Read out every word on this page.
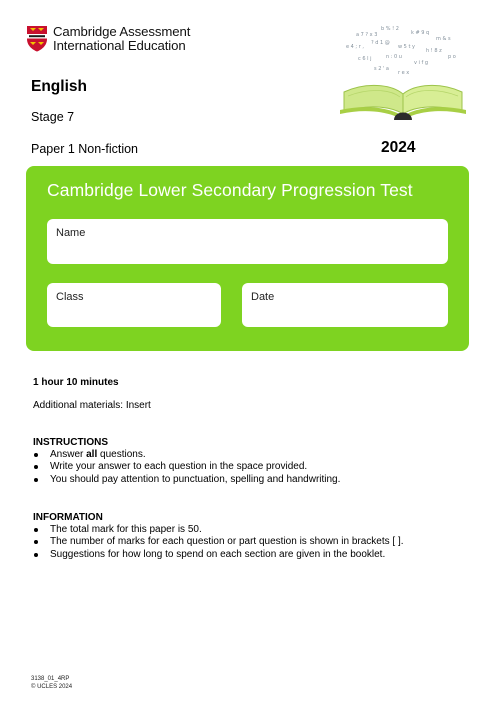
Cambridge Assessment
International Education
a 7 ? x 3
b % ! 2
k # 9 q
m & s
e 4 ; r ,
? d 1 @
w 5 t y
h ! 8 z
p o
c 6 l j	n : 0 u
v i f g
s 2 ' a
r e x
English
Stage 7
Paper 1 Non-fiction	2024
Cambridge Lower Secondary Progression Test
Name
Class	Date
1 hour 10 minutes
Additional materials: Insert
INSTRUCTIONS
Answer all questions.
Write your answer to each question in the space provided.
You should pay attention to punctuation, spelling and handwriting.
INFORMATION
The total mark for this paper is 50.
The number of marks for each question or part question is shown in brackets [ ].
Suggestions for how long to spend on each section are given in the booklet.
3138_01_4RP
© UCLES 2024
